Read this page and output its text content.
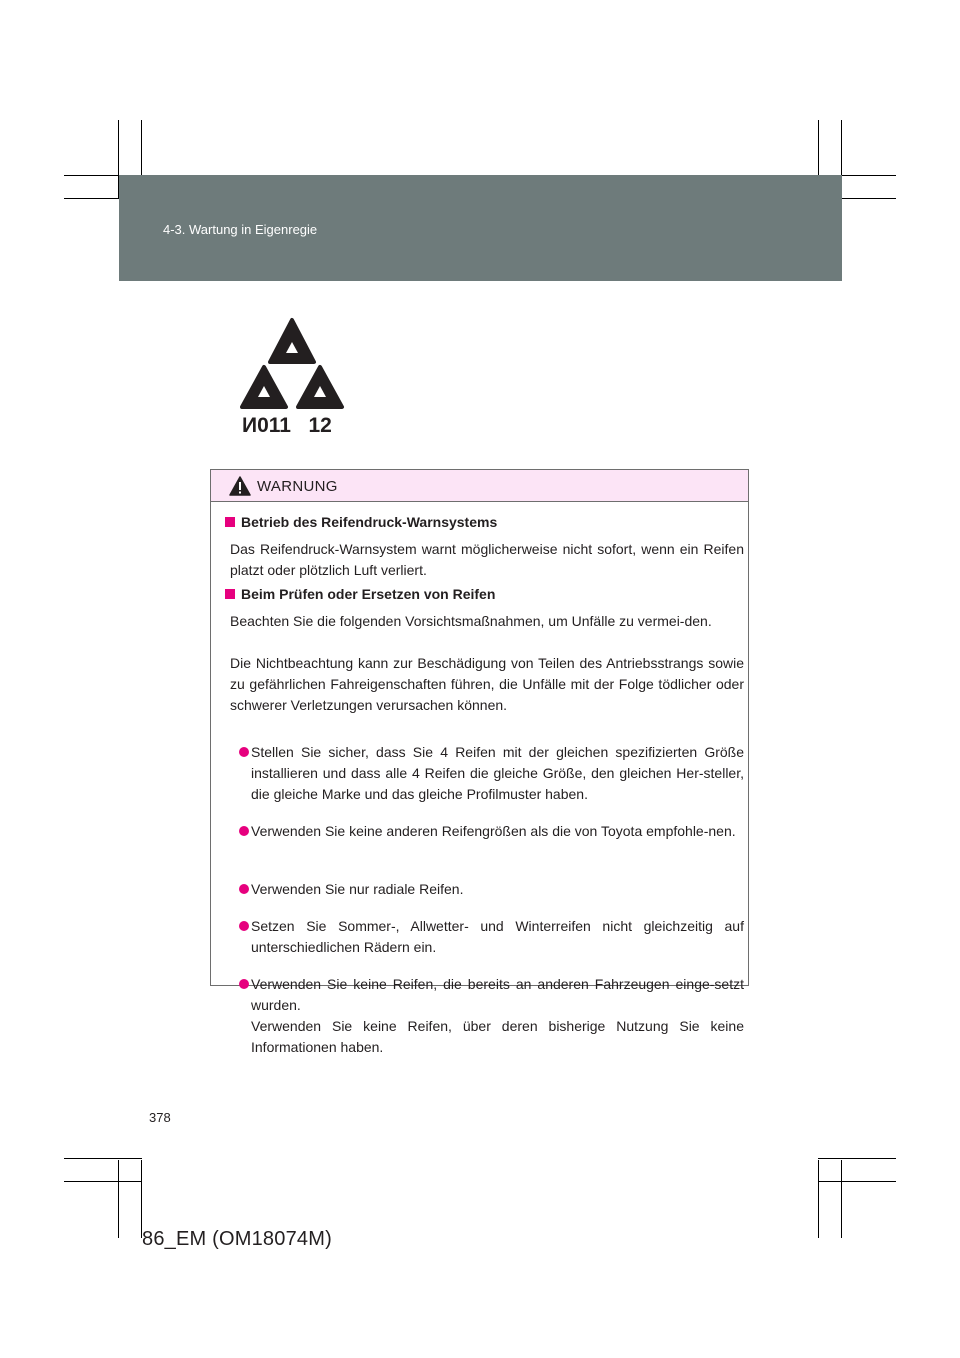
4-3. Wartung in Eigenregie
И011   12
WARNUNG
Betrieb des Reifendruck-Warnsystems
Das Reifendruck-Warnsystem warnt möglicherweise nicht sofort, wenn ein Reifen platzt oder plötzlich Luft verliert.
Beim Prüfen oder Ersetzen von Reifen
Beachten Sie die folgenden Vorsichtsmaßnahmen, um Unfälle zu vermei-den.
Die Nichtbeachtung kann zur Beschädigung von Teilen des Antriebsstrangs sowie zu gefährlichen Fahreigenschaften führen, die Unfälle mit der Folge tödlicher oder schwerer Verletzungen verursachen können.
Stellen Sie sicher, dass Sie 4 Reifen mit der gleichen spezifizierten Größe installieren und dass alle 4 Reifen die gleiche Größe, den gleichen Her-steller, die gleiche Marke und das gleiche Profilmuster haben.
Verwenden Sie keine anderen Reifengrößen als die von Toyota empfohle-nen.
Verwenden Sie nur radiale Reifen.
Setzen Sie Sommer-, Allwetter- und Winterreifen nicht gleichzeitig auf unterschiedlichen Rädern ein.
Verwenden Sie keine Reifen, die bereits an anderen Fahrzeugen einge-setzt wurden.
Verwenden Sie keine Reifen, über deren bisherige Nutzung Sie keine Informationen haben.
378
86_EM (OM18074M)
